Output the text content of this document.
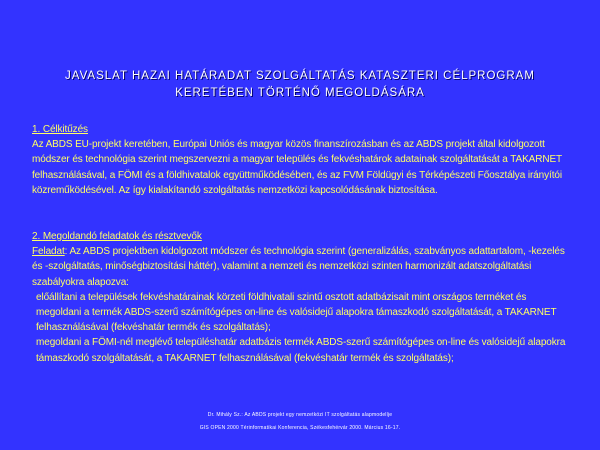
JAVASLAT HAZAI HATÁRADAT SZOLGÁLTATÁS KATASZTERI CÉLPROGRAM
KERETÉBEN TÖRTÉNŐ MEGOLDÁSÁRA
1. Célkitűzés
Az ABDS EU-projekt keretében, Európai Uniós és magyar közös finanszírozásban és az ABDS projekt által kidolgozott módszer és technológia szerint megszervezni a magyar település és fekvéshatárok adatainak szolgáltatását a TAKARNET felhasználásával, a FÖMI és a földhivatalok együttműködésében, és az FVM Földügyi és Térképészeti Főosztálya irányítói közreműködésével. Az így kialakítandó szolgáltatás nemzetközi kapcsolódásának biztosítása.
2. Megoldandó feladatok és résztvevők
Feladat: Az ABDS projektben kidolgozott módszer és technológia szerint (generalizálás, szabványos adattartalom, -kezelés és -szolgáltatás, minőségbiztosítási háttér), valamint a nemzeti és nemzetközi szinten harmonizált adatszolgáltatási szabályokra alapozva:
előállítani a települések fekvéshatárainak körzeti földhivatali szintű osztott adatbázisait mint országos terméket és megoldani a termék ABDS-szerű számítógépes on-line és valósidejű alapokra támaszkodó szolgáltatását, a TAKARNET felhasználásával (fekvéshatár termék és szolgáltatás);
megoldani a FÖMI-nél meglévő településhatár adatbázis termék ABDS-szerű számítógépes on-line és valósidejű alapokra támaszkodó szolgáltatását, a TAKARNET felhasználásával (fekvéshatár termék és szolgáltatás);
Dr. Mihály Sz.: Az ABDS projekt egy nemzetközi IT szolgáltatás alapmodellje
GIS OPEN 2000 Térinformatikai Konferencia, Székesfehérvár 2000. Március 16-17.
